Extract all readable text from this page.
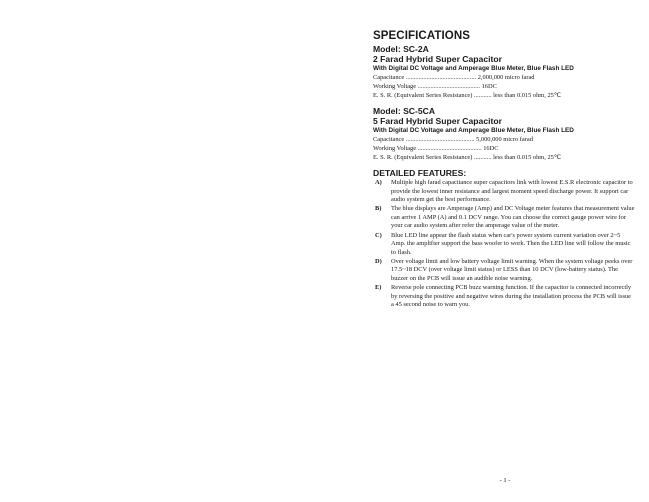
SPECIFICATIONS
Model: SC-2A
2 Farad Hybrid Super Capacitor
With Digital DC Voltage and Amperage Blue Meter, Blue Flash LED
Capacitance ............................................ 2,000,000 micro farad
Working Voltage ....................................... 16DC
E. S. R. (Equivalent Series Resistance) ........... less than 0.015 ohm, 25℃
Model: SC-5CA
5 Farad Hybrid Super Capacitor
With Digital DC Voltage and Amperage Blue Meter, Blue Flash LED
Capacitance ........................................... 5,000,000 micro farad
Working Voltage ........................................ 16DC
E. S. R. (Equivalent Series Resistance) ........... less than 0.015 ohm, 25℃
DETAILED FEATURES:
A)	Multiple high farad capacitance super capacitors link with lowest E.S.R electronic capacitor to provide the lowest inner resistance and largest moment speed discharge power. It support car audio system get the best performance.
B)	The blue displays are Amperage (Amp) and DC Voltage meter features that measurement value can arrive 1 AMP (A) and 0.1 DCV range. You can choose the correct gauge power wire for your car audio system after refer the amperage value of the meter.
C)	Blue LED line appear the flash status when car's power system current variation over 2~5 Amp. the amplifier support the bass woofer to work. Then the LED line will follow the music to flash.
D)	Over voltage limit and low battery voltage limit warning. When the system voltage peeks over 17.5~18 DCV (over voltage limit status) or LESS than 10 DCV (low-battery status). The buzzer on the PCB will issue an audible noise warning.
E)	Reverse pole connecting PCB buzz warning function. If the capacitor is connected incorrectly by reversing the positive and negative wires during the installation process the PCB will issue a 45 second noise to warn you.
- 1 -
